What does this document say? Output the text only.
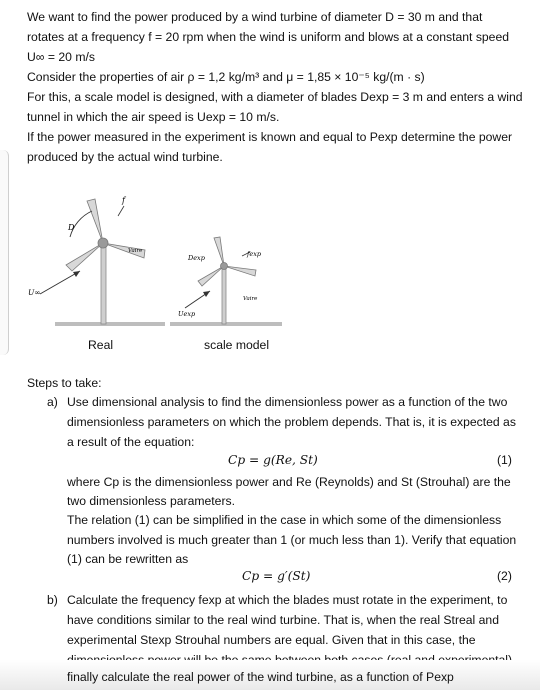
We want to find the power produced by a wind turbine of diameter D = 30 m and that
rotates at a frequency f = 20 rpm when the wind is uniform and blows at a constant speed
U∞ = 20 m/s
Consider the properties of air ρ = 1,2 kg/m³ and μ = 1,85 × 10⁻⁵ kg/(m · s)
For this, a scale model is designed, with a diameter of blades Dexp = 3 m and enters a wind
tunnel in which the air speed is Uexp = 10 m/s.
If the power measured in the experiment is known and equal to Pexp determine the power
produced by the actual wind turbine.
D
f
Vaire
U∞
Dexp	fexp
Uexp
Vaire
Real	scale model
Steps to take:
a) Use dimensional analysis to find the dimensionless power as a function of the two
dimensionless parameters on which the problem depends. That is, it is expected as
a result of the equation:
Cp = g(Re, St)	(1)
where Cp is the dimensionless power and Re (Reynolds) and St (Strouhal) are the
two dimensionless parameters.
The relation (1) can be simplified in the case in which some of the dimensionless
numbers involved is much greater than 1 (or much less than 1). Verify that equation
(1) can be rewritten as
Cp = g′(St)	(2)
b) Calculate the frequency fexp at which the blades must rotate in the experiment, to
have conditions similar to the real wind turbine. That is, when the real Streal and
experimental Stexp Strouhal numbers are equal. Given that in this case, the
finally calculate the real power of the wind turbine, as a function of Pexp
